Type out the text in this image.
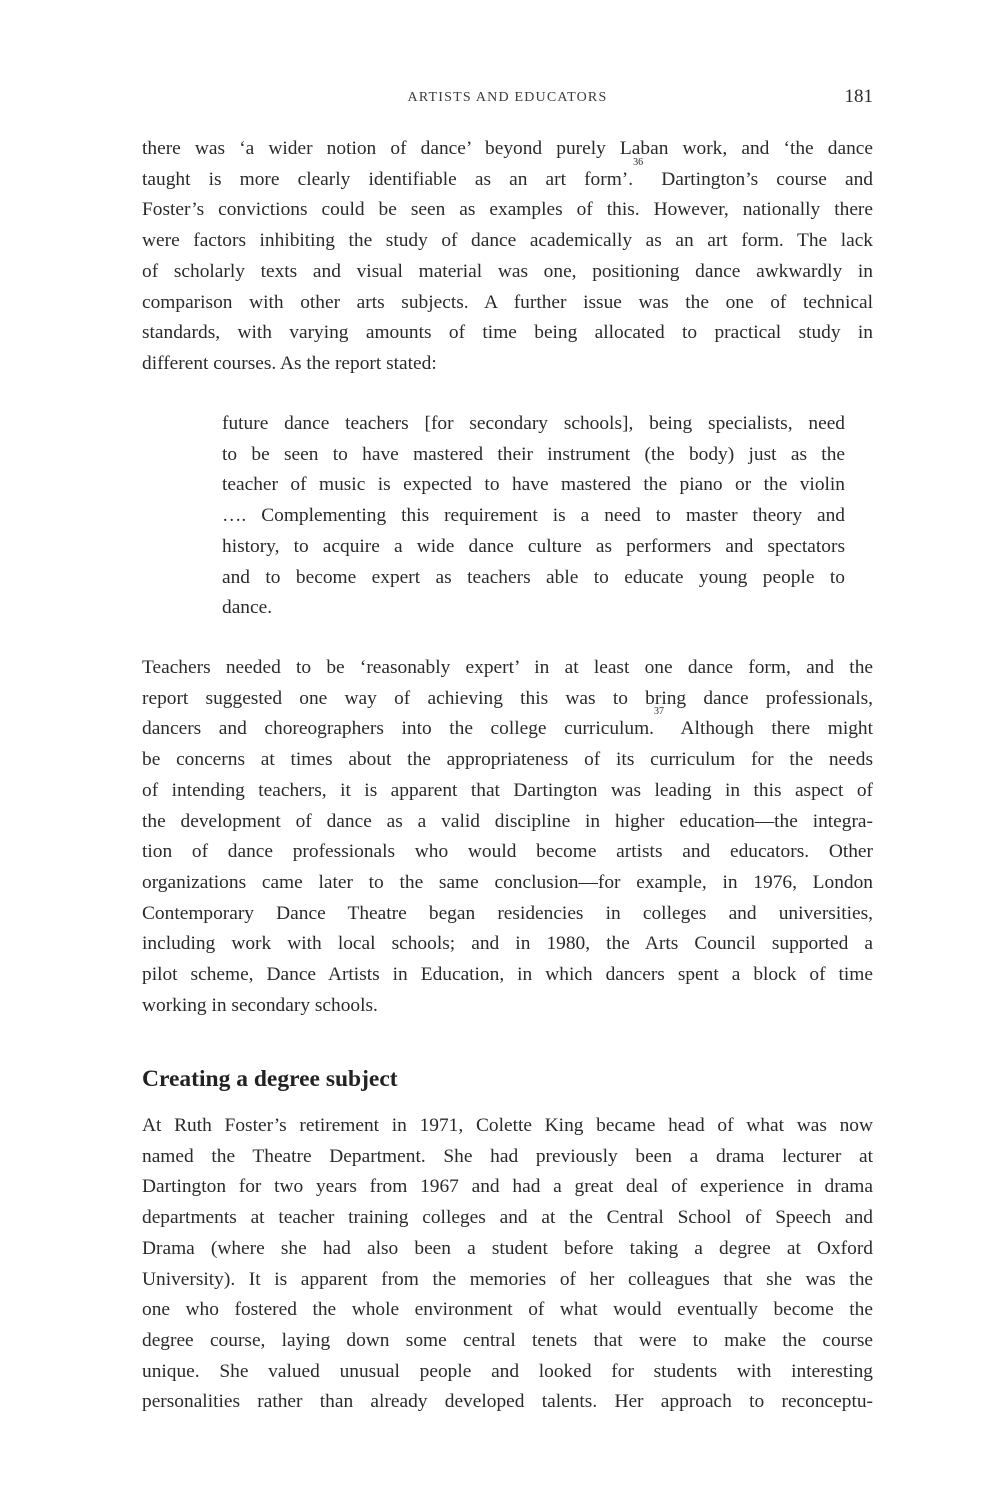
ARTISTS AND EDUCATORS	181
there was ‘a wider notion of dance’ beyond purely Laban work, and ‘the dance
taught is more clearly identifiable as an art form’.$^{36}$ Dartington’s course and
Foster’s convictions could be seen as examples of this. However, nationally there
were factors inhibiting the study of dance academically as an art form. The lack
of scholarly texts and visual material was one, positioning dance awkwardly in
comparison with other arts subjects. A further issue was the one of technical
standards, with varying amounts of time being allocated to practical study in
different courses. As the report stated:
future dance teachers [for secondary schools], being specialists, need
to be seen to have mastered their instrument (the body) just as the
teacher of music is expected to have mastered the piano or the violin
…. Complementing this requirement is a need to master theory and
history, to acquire a wide dance culture as performers and spectators
and to become expert as teachers able to educate young people to
dance.
Teachers needed to be ‘reasonably expert’ in at least one dance form, and the
report suggested one way of achieving this was to bring dance professionals,
dancers and choreographers into the college curriculum.$^{37}$ Although there might
be concerns at times about the appropriateness of its curriculum for the needs
of intending teachers, it is apparent that Dartington was leading in this aspect of
the development of dance as a valid discipline in higher education—the integra-
tion of dance professionals who would become artists and educators. Other
organizations came later to the same conclusion—for example, in 1976, London
Contemporary Dance Theatre began residencies in colleges and universities,
including work with local schools; and in 1980, the Arts Council supported a
pilot scheme, Dance Artists in Education, in which dancers spent a block of time
working in secondary schools.
Creating a degree subject
At Ruth Foster’s retirement in 1971, Colette King became head of what was now
named the Theatre Department. She had previously been a drama lecturer at
Dartington for two years from 1967 and had a great deal of experience in drama
departments at teacher training colleges and at the Central School of Speech and
Drama (where she had also been a student before taking a degree at Oxford
University). It is apparent from the memories of her colleagues that she was the
one who fostered the whole environment of what would eventually become the
degree course, laying down some central tenets that were to make the course
unique. She valued unusual people and looked for students with interesting
personalities rather than already developed talents. Her approach to reconceptu-
